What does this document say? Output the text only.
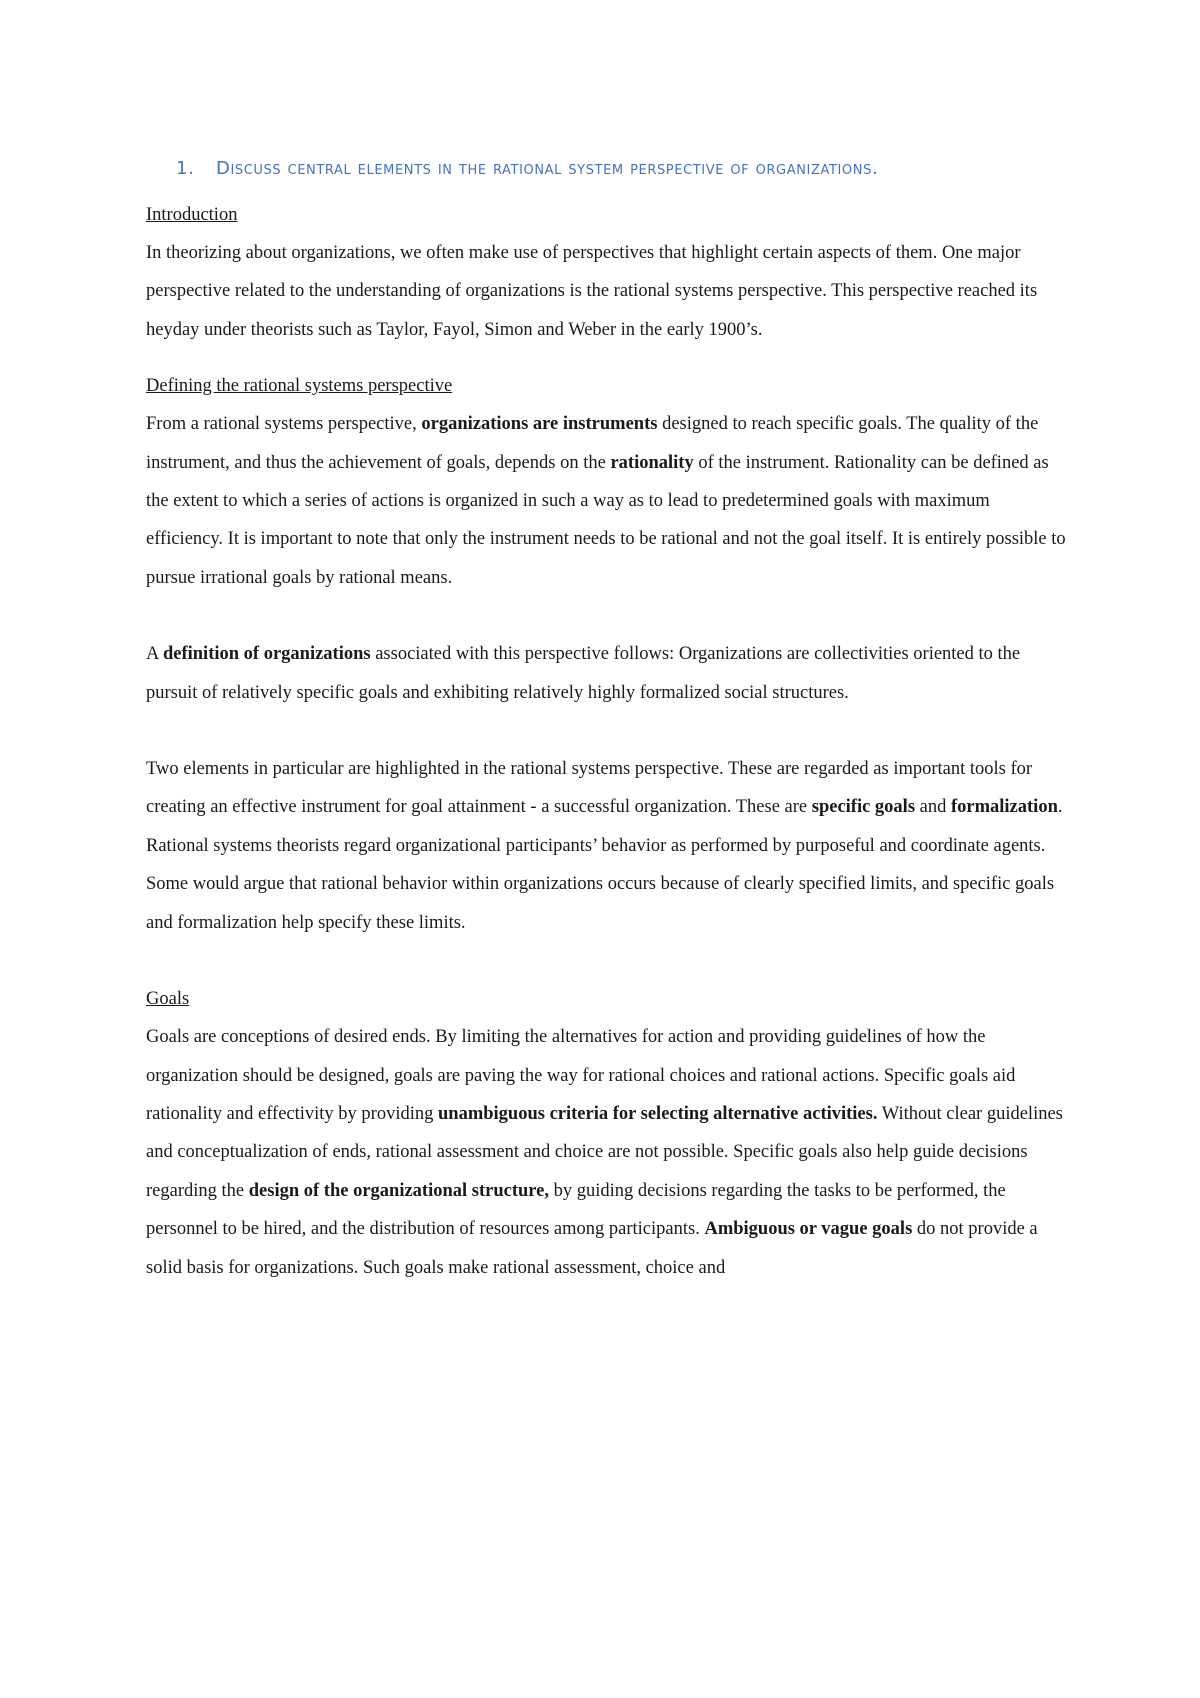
1.	Discuss central elements in the rational system perspective of organizations.
Introduction

In theorizing about organizations, we often make use of perspectives that highlight certain aspects of them. One major perspective related to the understanding of organizations is the rational systems perspective. This perspective reached its heyday under theorists such as Taylor, Fayol, Simon and Weber in the early 1900’s.

Defining the rational systems perspective

From a rational systems perspective, organizations are instruments designed to reach specific goals. The quality of the instrument, and thus the achievement of goals, depends on the rationality of the instrument. Rationality can be defined as the extent to which a series of actions is organized in such a way as to lead to predetermined goals with maximum efficiency. It is important to note that only the instrument needs to be rational and not the goal itself. It is entirely possible to pursue irrational goals by rational means.

A definition of organizations associated with this perspective follows: Organizations are collectivities oriented to the pursuit of relatively specific goals and exhibiting relatively highly formalized social structures.

Two elements in particular are highlighted in the rational systems perspective. These are regarded as important tools for creating an effective instrument for goal attainment - a successful organization. These are specific goals and formalization. Rational systems theorists regard organizational participants’ behavior as performed by purposeful and coordinate agents. Some would argue that rational behavior within organizations occurs because of clearly specified limits, and specific goals and formalization help specify these limits.

Goals

Goals are conceptions of desired ends. By limiting the alternatives for action and providing guidelines of how the organization should be designed, goals are paving the way for rational choices and rational actions. Specific goals aid rationality and effectivity by providing unambiguous criteria for selecting alternative activities. Without clear guidelines and conceptualization of ends, rational assessment and choice are not possible. Specific goals also help guide decisions regarding the design of the organizational structure, by guiding decisions regarding the tasks to be performed, the personnel to be hired, and the distribution of resources among participants. Ambiguous or vague goals do not provide a solid basis for organizations. Such goals make rational assessment, choice and
